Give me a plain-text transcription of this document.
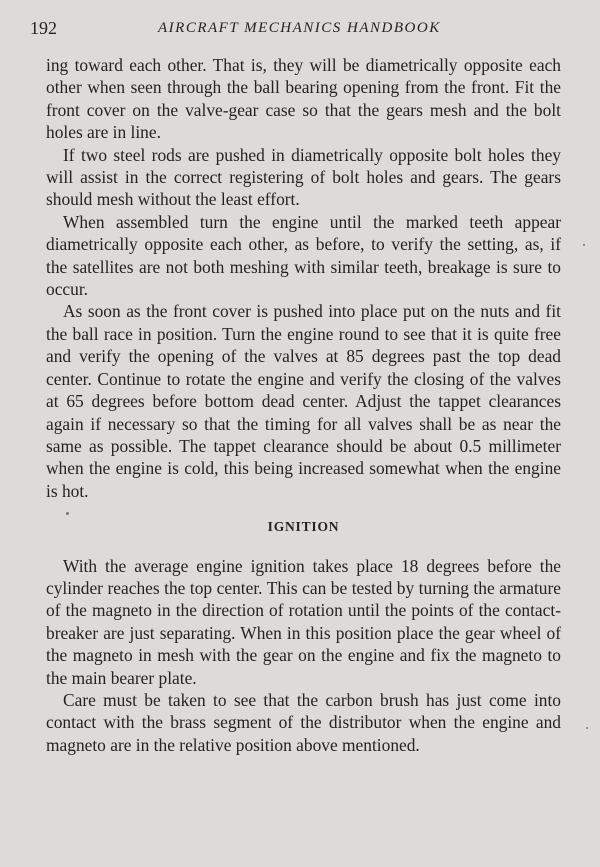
192	AIRCRAFT MECHANICS HANDBOOK

ing toward each other. That is, they will be diametrically opposite each other when seen through the ball bearing opening from the front. Fit the front cover on the valve-gear case so that the gears mesh and the bolt holes are in line.

If two steel rods are pushed in diametrically opposite bolt holes they will assist in the correct registering of bolt holes and gears. The gears should mesh without the least effort.

When assembled turn the engine until the marked teeth appear diametrically opposite each other, as before, to verify the setting, as, if the satellites are not both meshing with similar teeth, breakage is sure to occur.

As soon as the front cover is pushed into place put on the nuts and fit the ball race in position. Turn the engine round to see that it is quite free and verify the opening of the valves at 85 degrees past the top dead center. Continue to rotate the engine and verify the closing of the valves at 65 degrees before bottom dead center. Adjust the tappet clearances again if necessary so that the timing for all valves shall be as near the same as possible. The tappet clearance should be about 0.5 millimeter when the engine is cold, this being increased somewhat when the engine is hot.

IGNITION

With the average engine ignition takes place 18 degrees before the cylinder reaches the top center. This can be tested by turning the armature of the magneto in the direction of rotation until the points of the contact-breaker are just separating. When in this position place the gear wheel of the magneto in mesh with the gear on the engine and fix the magneto to the main bearer plate.

Care must be taken to see that the carbon brush has just come into contact with the brass segment of the distributor when the engine and magneto are in the relative position above mentioned.
